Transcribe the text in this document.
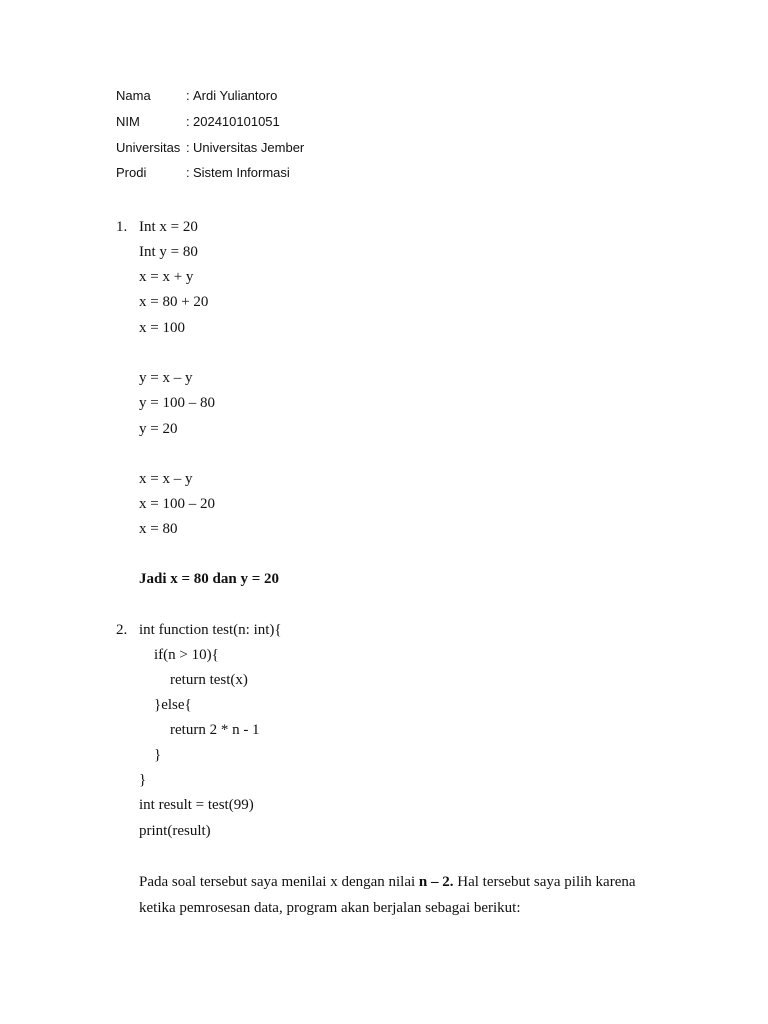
Nama	: Ardi Yuliantoro
NIM	: 202410101051
Universitas : Universitas Jember
Prodi	: Sistem Informasi
1. Int x = 20
Int y = 80
x = x + y
x = 80 + 20
x = 100
y = x – y
y = 100 – 80
y = 20
x = x – y
x = 100 – 20
x = 80
Jadi x = 80 dan y = 20
2. int function test(n: int){
if(n > 10){
return test(x)
}else{
return 2 * n - 1
}
}
int result = test(99)
print(result)
Pada soal tersebut saya menilai x dengan nilai n – 2. Hal tersebut saya pilih karena
ketika pemrosesan data, program akan berjalan sebagai berikut:
